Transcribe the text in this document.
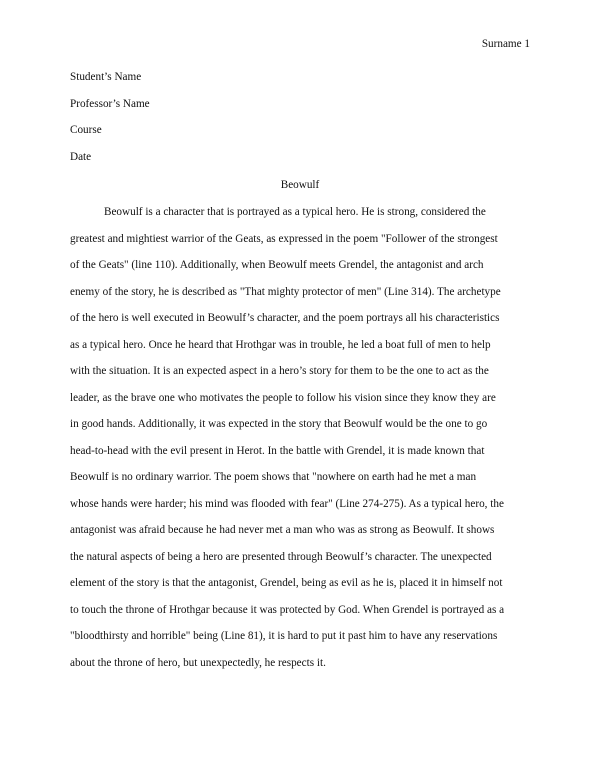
Surname 1
Student’s Name
Professor’s Name
Course
Date
Beowulf
Beowulf is a character that is portrayed as a typical hero. He is strong, considered the
greatest and mightiest warrior of the Geats, as expressed in the poem "Follower of the strongest
of the Geats" (line 110). Additionally, when Beowulf meets Grendel, the antagonist and arch
enemy of the story, he is described as "That mighty protector of men" (Line 314). The archetype
of the hero is well executed in Beowulf’s character, and the poem portrays all his characteristics
as a typical hero. Once he heard that Hrothgar was in trouble, he led a boat full of men to help
with the situation. It is an expected aspect in a hero’s story for them to be the one to act as the
leader, as the brave one who motivates the people to follow his vision since they know they are
in good hands. Additionally, it was expected in the story that Beowulf would be the one to go
head-to-head with the evil present in Herot. In the battle with Grendel, it is made known that
Beowulf is no ordinary warrior. The poem shows that "nowhere on earth had he met a man
whose hands were harder; his mind was flooded with fear" (Line 274-275). As a typical hero, the
antagonist was afraid because he had never met a man who was as strong as Beowulf. It shows
the natural aspects of being a hero are presented through Beowulf’s character. The unexpected
element of the story is that the antagonist, Grendel, being as evil as he is, placed it in himself not
to touch the throne of Hrothgar because it was protected by God. When Grendel is portrayed as a
"bloodthirsty and horrible" being (Line 81), it is hard to put it past him to have any reservations
about the throne of hero, but unexpectedly, he respects it.
